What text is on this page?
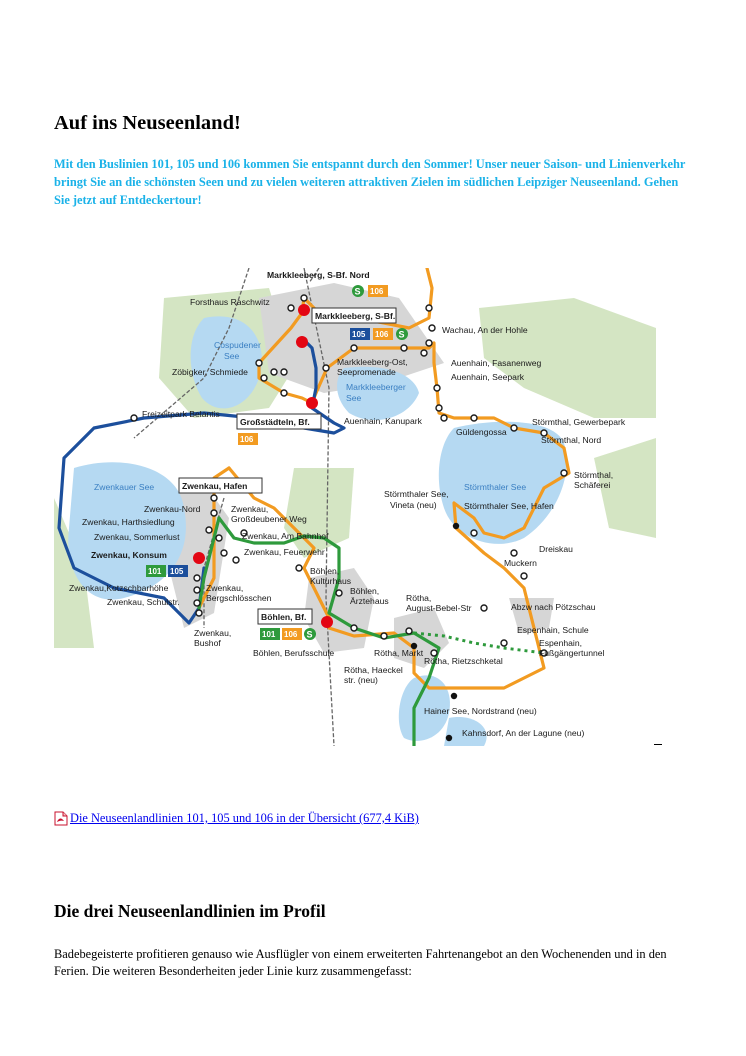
Auf ins Neuseenland!

Mit den Buslinien 101, 105 und 106 kommen Sie entspannt durch den Sommer! Unser neuer Saison- und Linienverkehr bringt Sie an die schönsten Seen und zu vielen weiteren attraktiven Zielen im südlichen Leipziger Neuseenland. Gehen Sie jetzt auf Entdeckertour!

Cospudener
See
Markkleeberger
See
Zwenkauer See	Störmthaler See
Markkleeberg, S-Bf. Nord
Forsthaus Raschwitz
Markkleeberg, S-Bf.
Wachau, An der Hohle
Zöbigker, Schmiede
Markkleeberg-Ost,
Seepromenade
Auenhain, Fasanenweg
Auenhain, Seepark
Freizeitpark Belantis
Großstädteln, Bf.	Auenhain, Kanupark
Güldengossa
Störmthal, Gewerbepark
Störmthal, Nord
Störmthal,
Schäferei
Zwenkau, Hafen
Zwenkau-Nord
Zwenkau, Harthsiedlung
Zwenkau,
Großdeubener Weg
Zwenkau, Sommerlust	Zwenkau, Am Bahnhof
Zwenkau, Konsum	Zwenkau, Feuerwehr
Zwenkau,Kotzschbarhöhe	Zwenkau,
Bergschlösschen
Zwenkau, Schulstr.
Zwenkau,
Bushof
Störmthaler See,
Vineta (neu)	Störmthaler See, Hafen
Dreiskau
Muckern
Böhlen,
Kulturhaus
Böhlen,
Ärztehaus Rötha,
August-Bebel-Str	Abzw nach Pötzschau
Böhlen, Bf.
Espenhain, Schule
Espenhain,
Fußgängertunnel
Böhlen, Berufsschule	Rötha, Markt
Rötha, Rietzschketal
Rötha, Haeckel
str. (neu)
Hainer See, Nordstrand (neu)
Kahnsdorf, An der Lagune (neu)
S 106
105 106 S
106
101 105
101 106 S
Die Neuseenlandlinien 101, 105 und 106 in der Übersicht (677,4 KiB)
Die drei Neuseenlandlinien im Profil

Badebegeisterte profitieren genauso wie Ausflügler von einem erweiterten Fahrtenangebot an den Wochenenden und in den Ferien. Die weiteren Besonderheiten jeder Linie kurz zusammengefasst:
